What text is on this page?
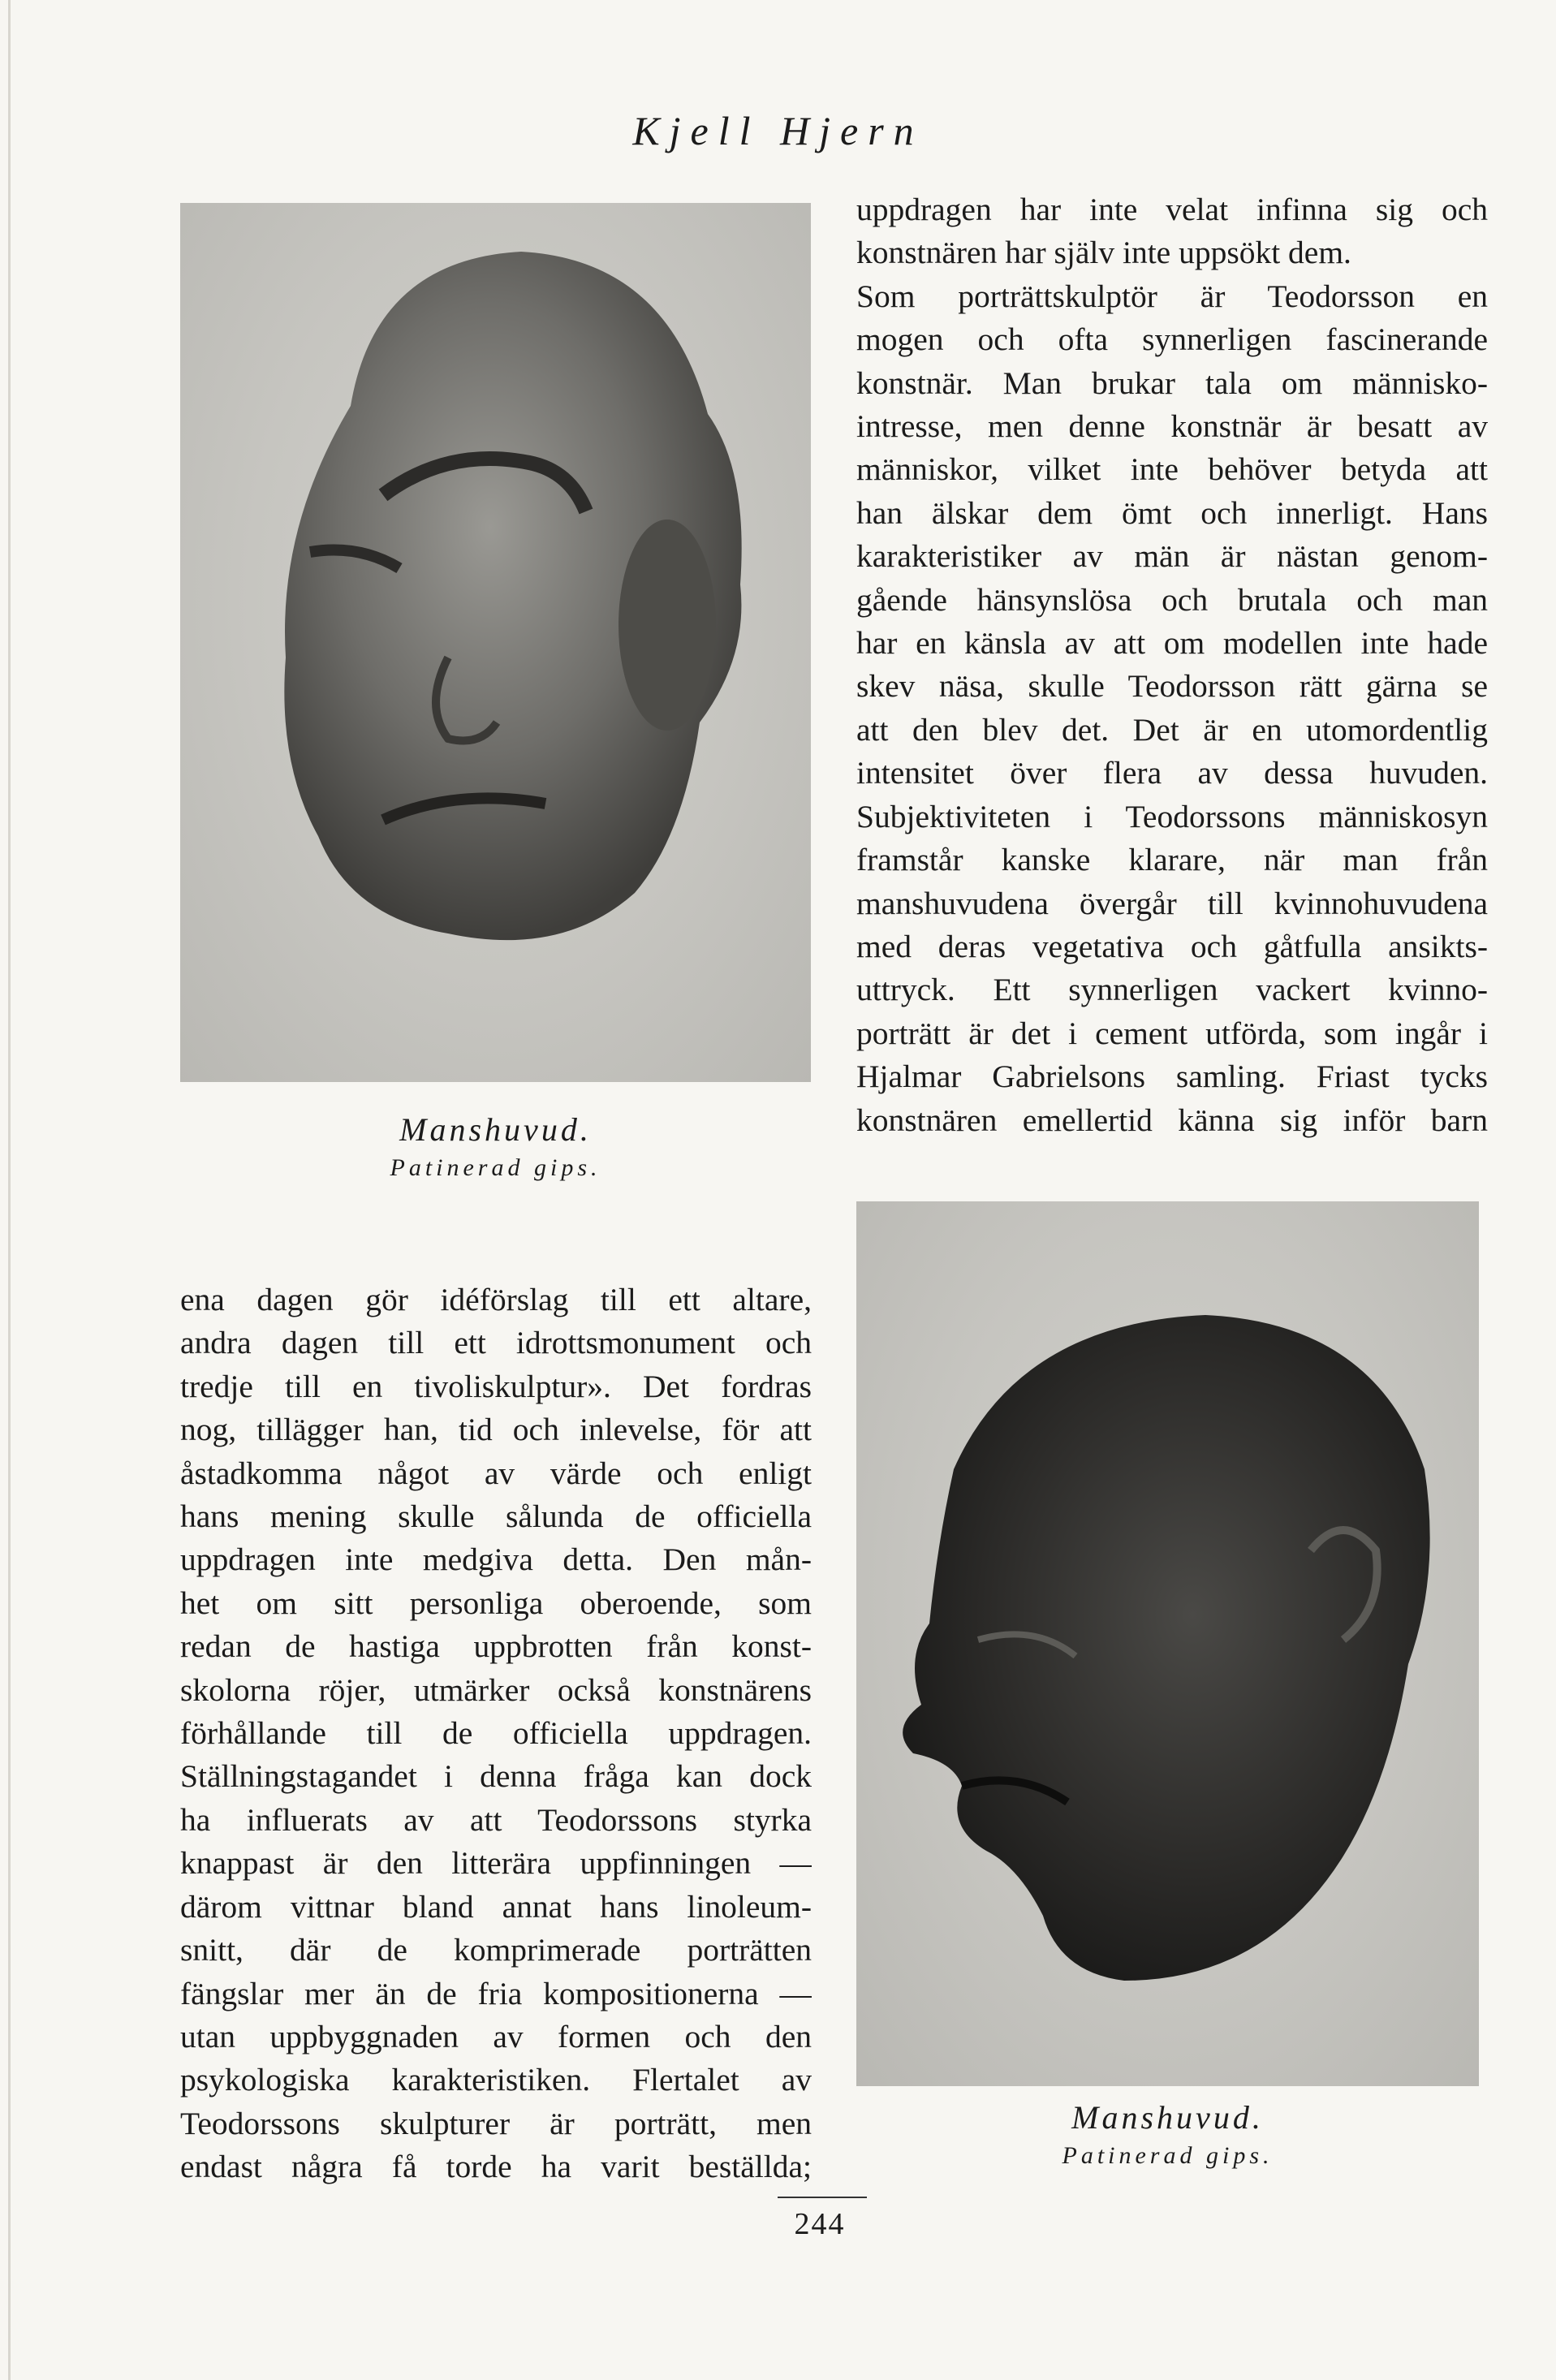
Kjell Hjern
Manshuvud.
Patinerad gips.

uppdragen har inte velat infinna sig och
konstnären har själv inte uppsökt dem.

Som porträttskulptör är Teodorsson en
mogen och ofta synnerligen fascinerande
konstnär. Man brukar tala om människo-
intresse, men denne konstnär är besatt av
människor, vilket inte behöver betyda att
han älskar dem ömt och innerligt. Hans
karakteristiker av män är nästan genom-
gående hänsynslösa och brutala och man
har en känsla av att om modellen inte hade
skev näsa, skulle Teodorsson rätt gärna se
att den blev det. Det är en utomordentlig
intensitet över flera av dessa huvuden.
Subjektiviteten i Teodorssons människosyn
framstår kanske klarare, när man från
manshuvudena övergår till kvinnohuvudena
med deras vegetativa och gåtfulla ansikts-
uttryck. Ett synnerligen vackert kvinno-
porträtt är det i cement utförda, som ingår i
Hjalmar Gabrielsons samling. Friast tycks
konstnären emellertid känna sig inför barn

Manshuvud.
Patinerad gips.

ena dagen gör idéförslag till ett altare,
andra dagen till ett idrottsmonument och
tredje till en tivoliskulptur». Det fordras
nog, tillägger han, tid och inlevelse, för att
åstadkomma något av värde och enligt
hans mening skulle sålunda de officiella
uppdragen inte medgiva detta. Den mån-
het om sitt personliga oberoende, som
redan de hastiga uppbrotten från konst-
skolorna röjer, utmärker också konstnärens
förhållande till de officiella uppdragen.
Ställningstagandet i denna fråga kan dock
ha influerats av att Teodorssons styrka
knappast är den litterära uppfinningen —
därom vittnar bland annat hans linoleum-
snitt, där de komprimerade porträtten
fängslar mer än de fria kompositionerna —
utan uppbyggnaden av formen och den
psykologiska karakteristiken. Flertalet av
Teodorssons skulpturer är porträtt, men
endast några få torde ha varit beställda;

244
